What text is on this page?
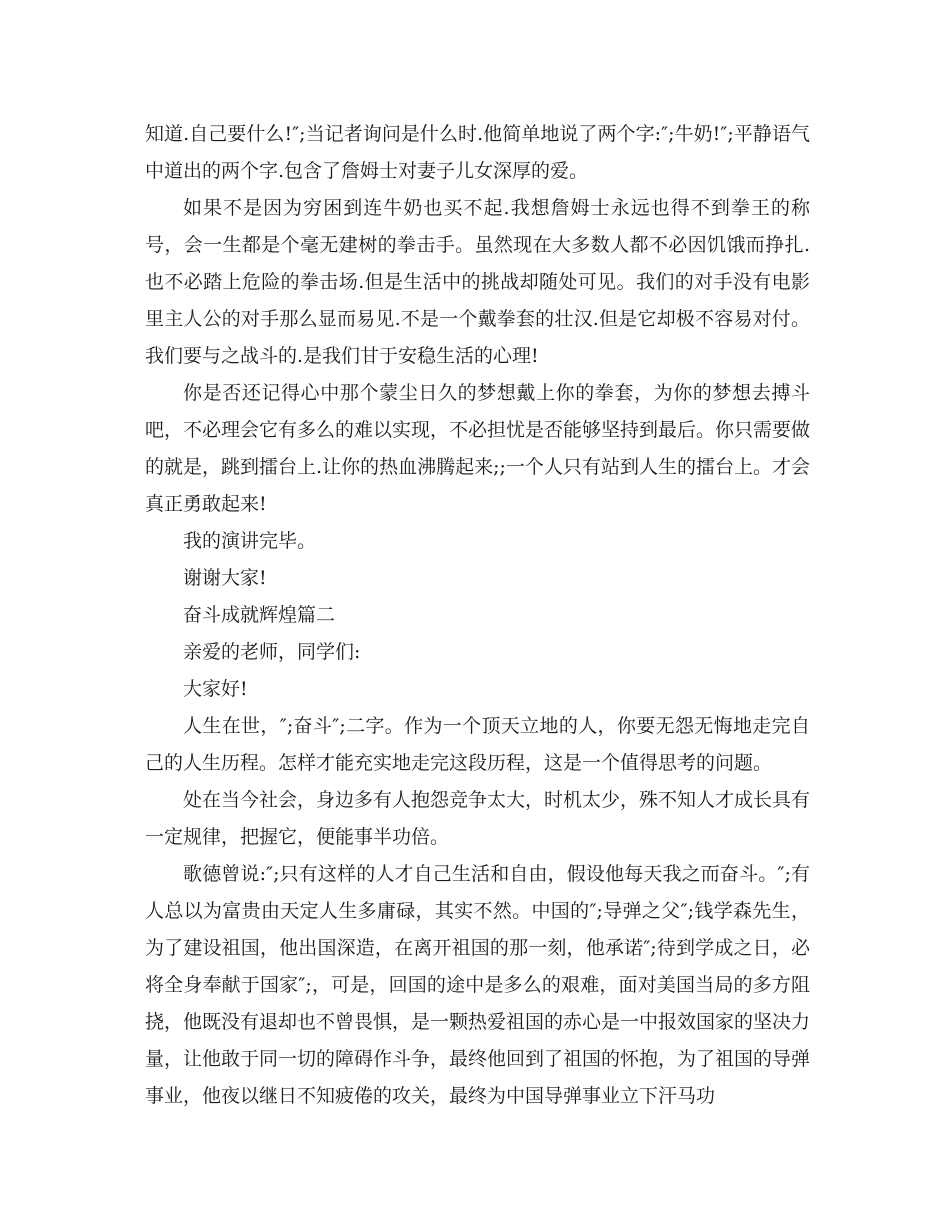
知道.自己要什么!″;当记者询问是什么时.他简单地说了两个字:″;牛奶!″;平静语气中道出的两个字.包含了詹姆士对妻子儿女深厚的爱。

如果不是因为穷困到连牛奶也买不起.我想詹姆士永远也得不到拳王的称号，会一生都是个毫无建树的拳击手。虽然现在大多数人都不必因饥饿而挣扎.也不必踏上危险的拳击场.但是生活中的挑战却随处可见。我们的对手没有电影里主人公的对手那么显而易见.不是一个戴拳套的壮汉.但是它却极不容易对付。我们要与之战斗的.是我们甘于安稳生活的心理!

你是否还记得心中那个蒙尘日久的梦想戴上你的拳套，为你的梦想去搏斗吧，不必理会它有多么的难以实现，不必担忧是否能够坚持到最后。你只需要做的就是，跳到擂台上.让你的热血沸腾起来;;一个人只有站到人生的擂台上。才会真正勇敢起来!

我的演讲完毕。

谢谢大家!

奋斗成就辉煌篇二

亲爱的老师，同学们:

大家好!

人生在世，″;奋斗″;二字。作为一个顶天立地的人，你要无怨无悔地走完自己的人生历程。怎样才能充实地走完这段历程，这是一个值得思考的问题。

处在当今社会，身边多有人抱怨竞争太大，时机太少，殊不知人才成长具有一定规律，把握它，便能事半功倍。

歌德曾说:″;只有这样的人才自己生活和自由，假设他每天我之而奋斗。″;有人总以为富贵由天定人生多庸碌，其实不然。中国的″;导弹之父″;钱学森先生，为了建设祖国，他出国深造，在离开祖国的那一刻，他承诺″;待到学成之日，必将全身奉献于国家″;，可是，回国的途中是多么的艰难，面对美国当局的多方阻挠，他既没有退却也不曾畏惧，是一颗热爱祖国的赤心是一中报效国家的坚决力量，让他敢于同一切的障碍作斗争，最终他回到了祖国的怀抱，为了祖国的导弹事业，他夜以继日不知疲倦的攻关，最终为中国导弹事业立下汗马功
